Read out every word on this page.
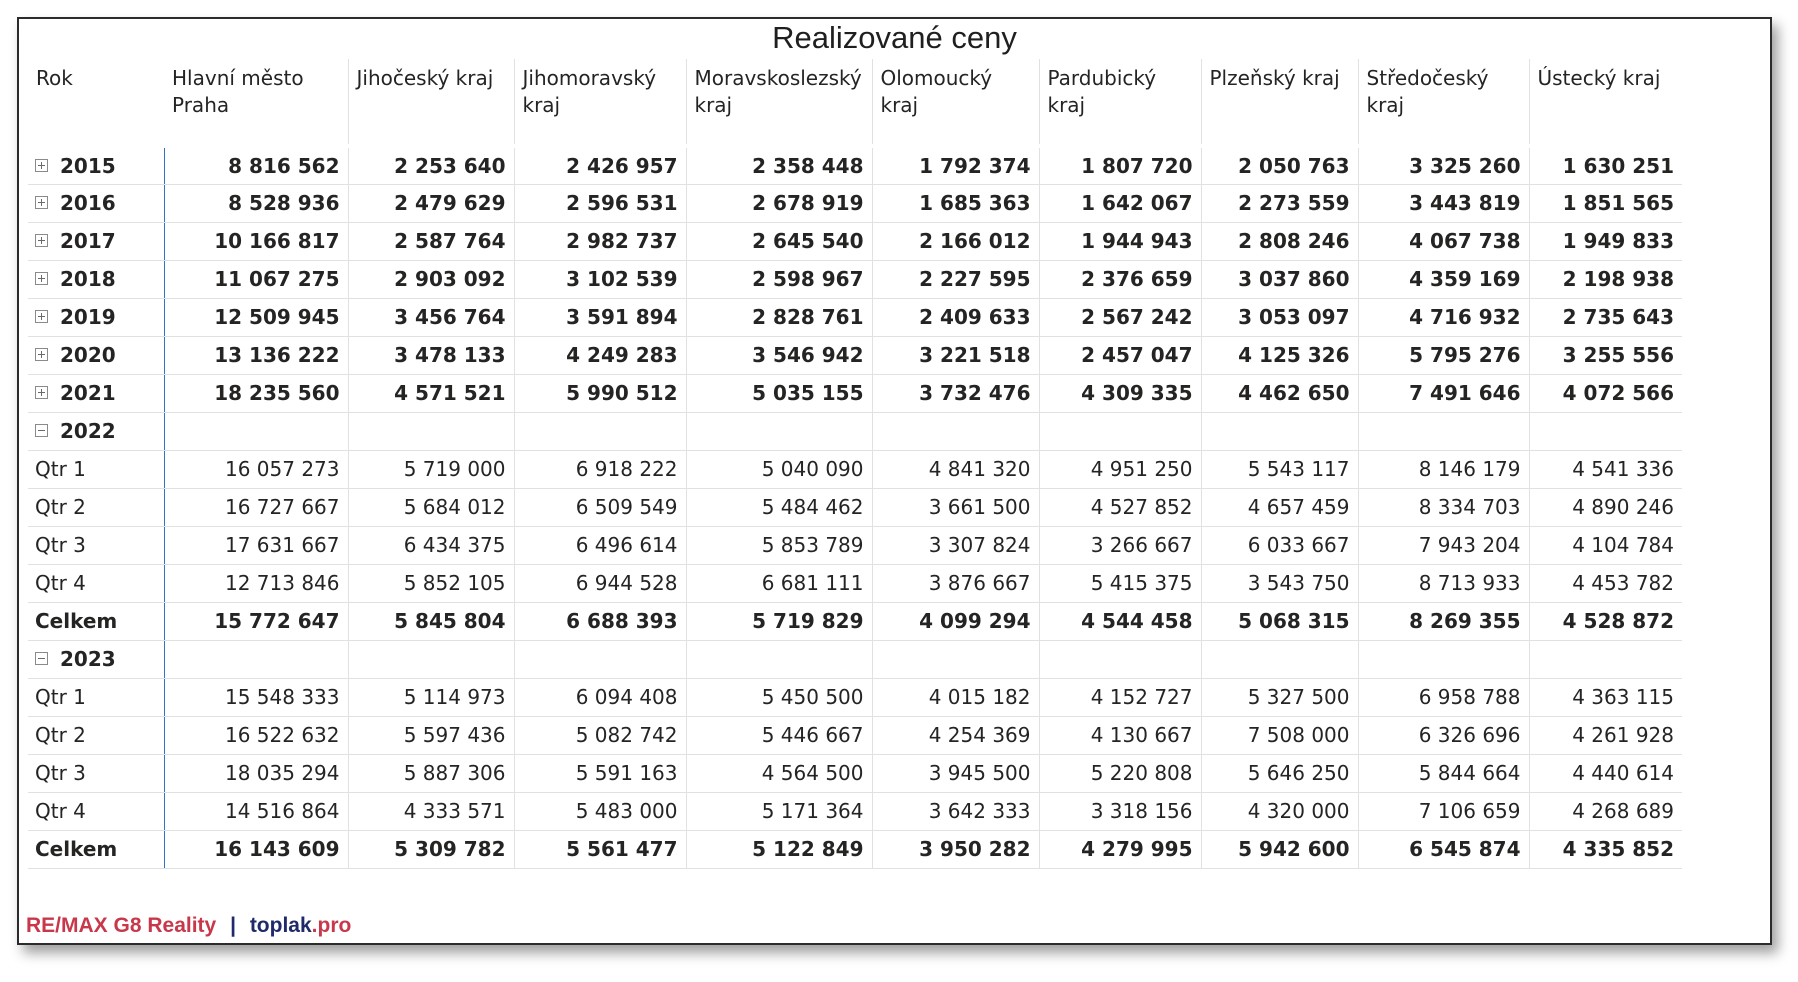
Realizované ceny
Rok	Hlavní město Praha	Jihočeský kraj	Jihomoravský kraj	Moravskoslezský kraj	Olomoucký kraj	Pardubický kraj	Plzeňský kraj	Středočeský kraj	Ústecký kraj
2015	8 816 562	2 253 640	2 426 957	2 358 448	1 792 374	1 807 720	2 050 763	3 325 260	1 630 251
2016	8 528 936	2 479 629	2 596 531	2 678 919	1 685 363	1 642 067	2 273 559	3 443 819	1 851 565
2017	10 166 817	2 587 764	2 982 737	2 645 540	2 166 012	1 944 943	2 808 246	4 067 738	1 949 833
2018	11 067 275	2 903 092	3 102 539	2 598 967	2 227 595	2 376 659	3 037 860	4 359 169	2 198 938
2019	12 509 945	3 456 764	3 591 894	2 828 761	2 409 633	2 567 242	3 053 097	4 716 932	2 735 643
2020	13 136 222	3 478 133	4 249 283	3 546 942	3 221 518	2 457 047	4 125 326	5 795 276	3 255 556
2021	18 235 560	4 571 521	5 990 512	5 035 155	3 732 476	4 309 335	4 462 650	7 491 646	4 072 566
2022									
Qtr 1	16 057 273	5 719 000	6 918 222	5 040 090	4 841 320	4 951 250	5 543 117	8 146 179	4 541 336
Qtr 2	16 727 667	5 684 012	6 509 549	5 484 462	3 661 500	4 527 852	4 657 459	8 334 703	4 890 246
Qtr 3	17 631 667	6 434 375	6 496 614	5 853 789	3 307 824	3 266 667	6 033 667	7 943 204	4 104 784
Qtr 4	12 713 846	5 852 105	6 944 528	6 681 111	3 876 667	5 415 375	3 543 750	8 713 933	4 453 782
Celkem	15 772 647	5 845 804	6 688 393	5 719 829	4 099 294	4 544 458	5 068 315	8 269 355	4 528 872
2023									
Qtr 1	15 548 333	5 114 973	6 094 408	5 450 500	4 015 182	4 152 727	5 327 500	6 958 788	4 363 115
Qtr 2	16 522 632	5 597 436	5 082 742	5 446 667	4 254 369	4 130 667	7 508 000	6 326 696	4 261 928
Qtr 3	18 035 294	5 887 306	5 591 163	4 564 500	3 945 500	5 220 808	5 646 250	5 844 664	4 440 614
Qtr 4	14 516 864	4 333 571	5 483 000	5 171 364	3 642 333	3 318 156	4 320 000	7 106 659	4 268 689
Celkem	16 143 609	5 309 782	5 561 477	5 122 849	3 950 282	4 279 995	5 942 600	6 545 874	4 335 852
RE/MAX G8 Reality | toplak.pro
